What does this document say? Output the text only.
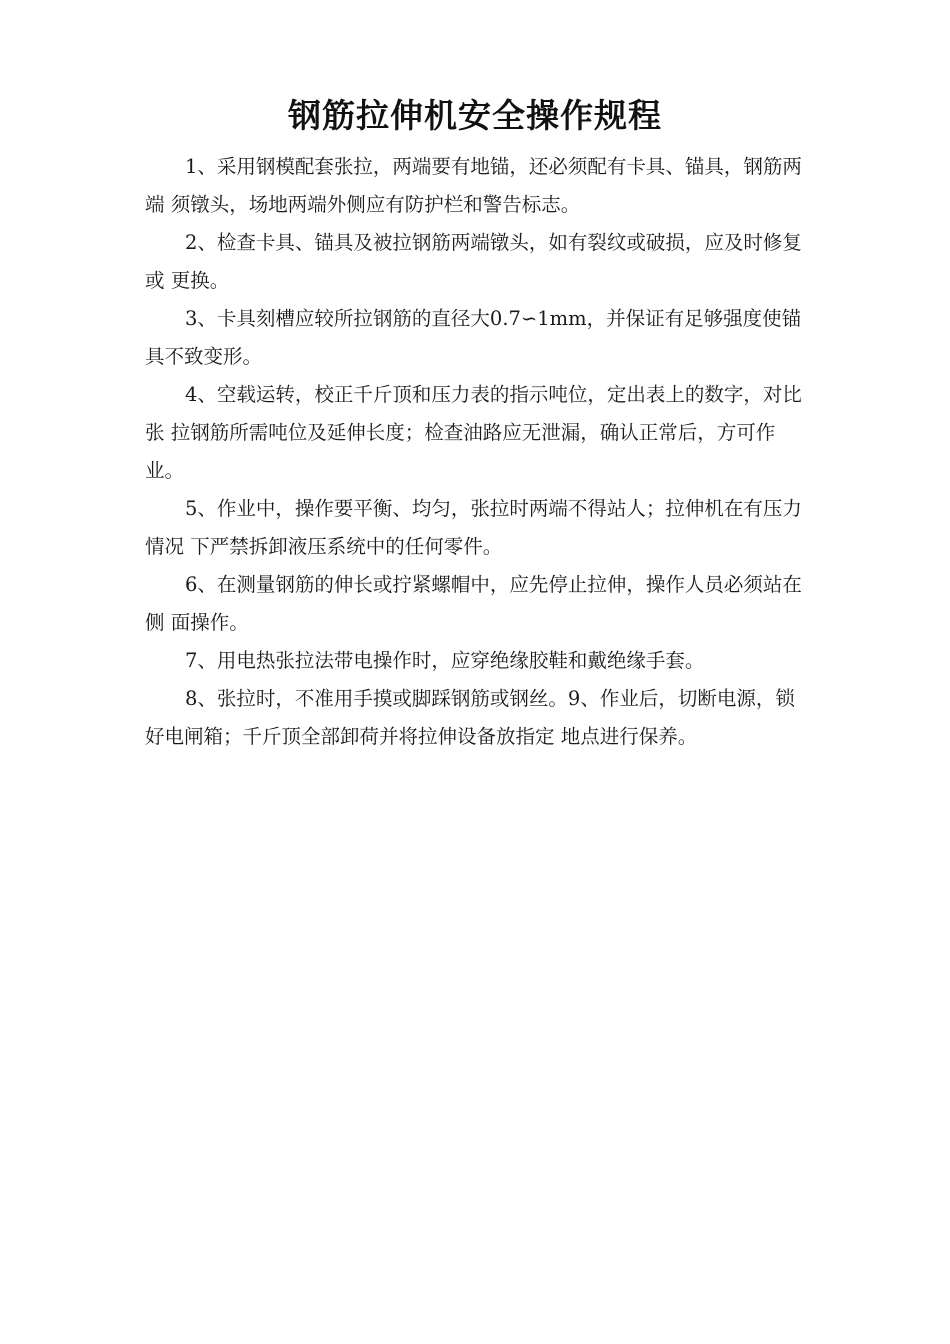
钢筋拉伸机安全操作规程

1、采用钢模配套张拉，两端要有地锚，还必须配有卡具、锚具，钢筋两端 须镦头，场地两端外侧应有防护栏和警告标志。

2、检查卡具、锚具及被拉钢筋两端镦头，如有裂纹或破损，应及时修复或 更换。

3、卡具刻槽应较所拉钢筋的直径大0.7∽1mm，并保证有足够强度使锚具不致变形。

4、空载运转，校正千斤顶和压力表的指示吨位，定出表上的数字，对比张 拉钢筋所需吨位及延伸长度；检查油路应无泄漏，确认正常后，方可作业。

5、作业中，操作要平衡、均匀，张拉时两端不得站人；拉伸机在有压力情况 下严禁拆卸液压系统中的任何零件。

6、在测量钢筋的伸长或拧紧螺帽中，应先停止拉伸，操作人员必须站在侧 面操作。

7、用电热张拉法带电操作时，应穿绝缘胶鞋和戴绝缘手套。

8、张拉时，不准用手摸或脚踩钢筋或钢丝。9、作业后，切断电源，锁好电闸箱；千斤顶全部卸荷并将拉伸设备放指定 地点进行保养。
